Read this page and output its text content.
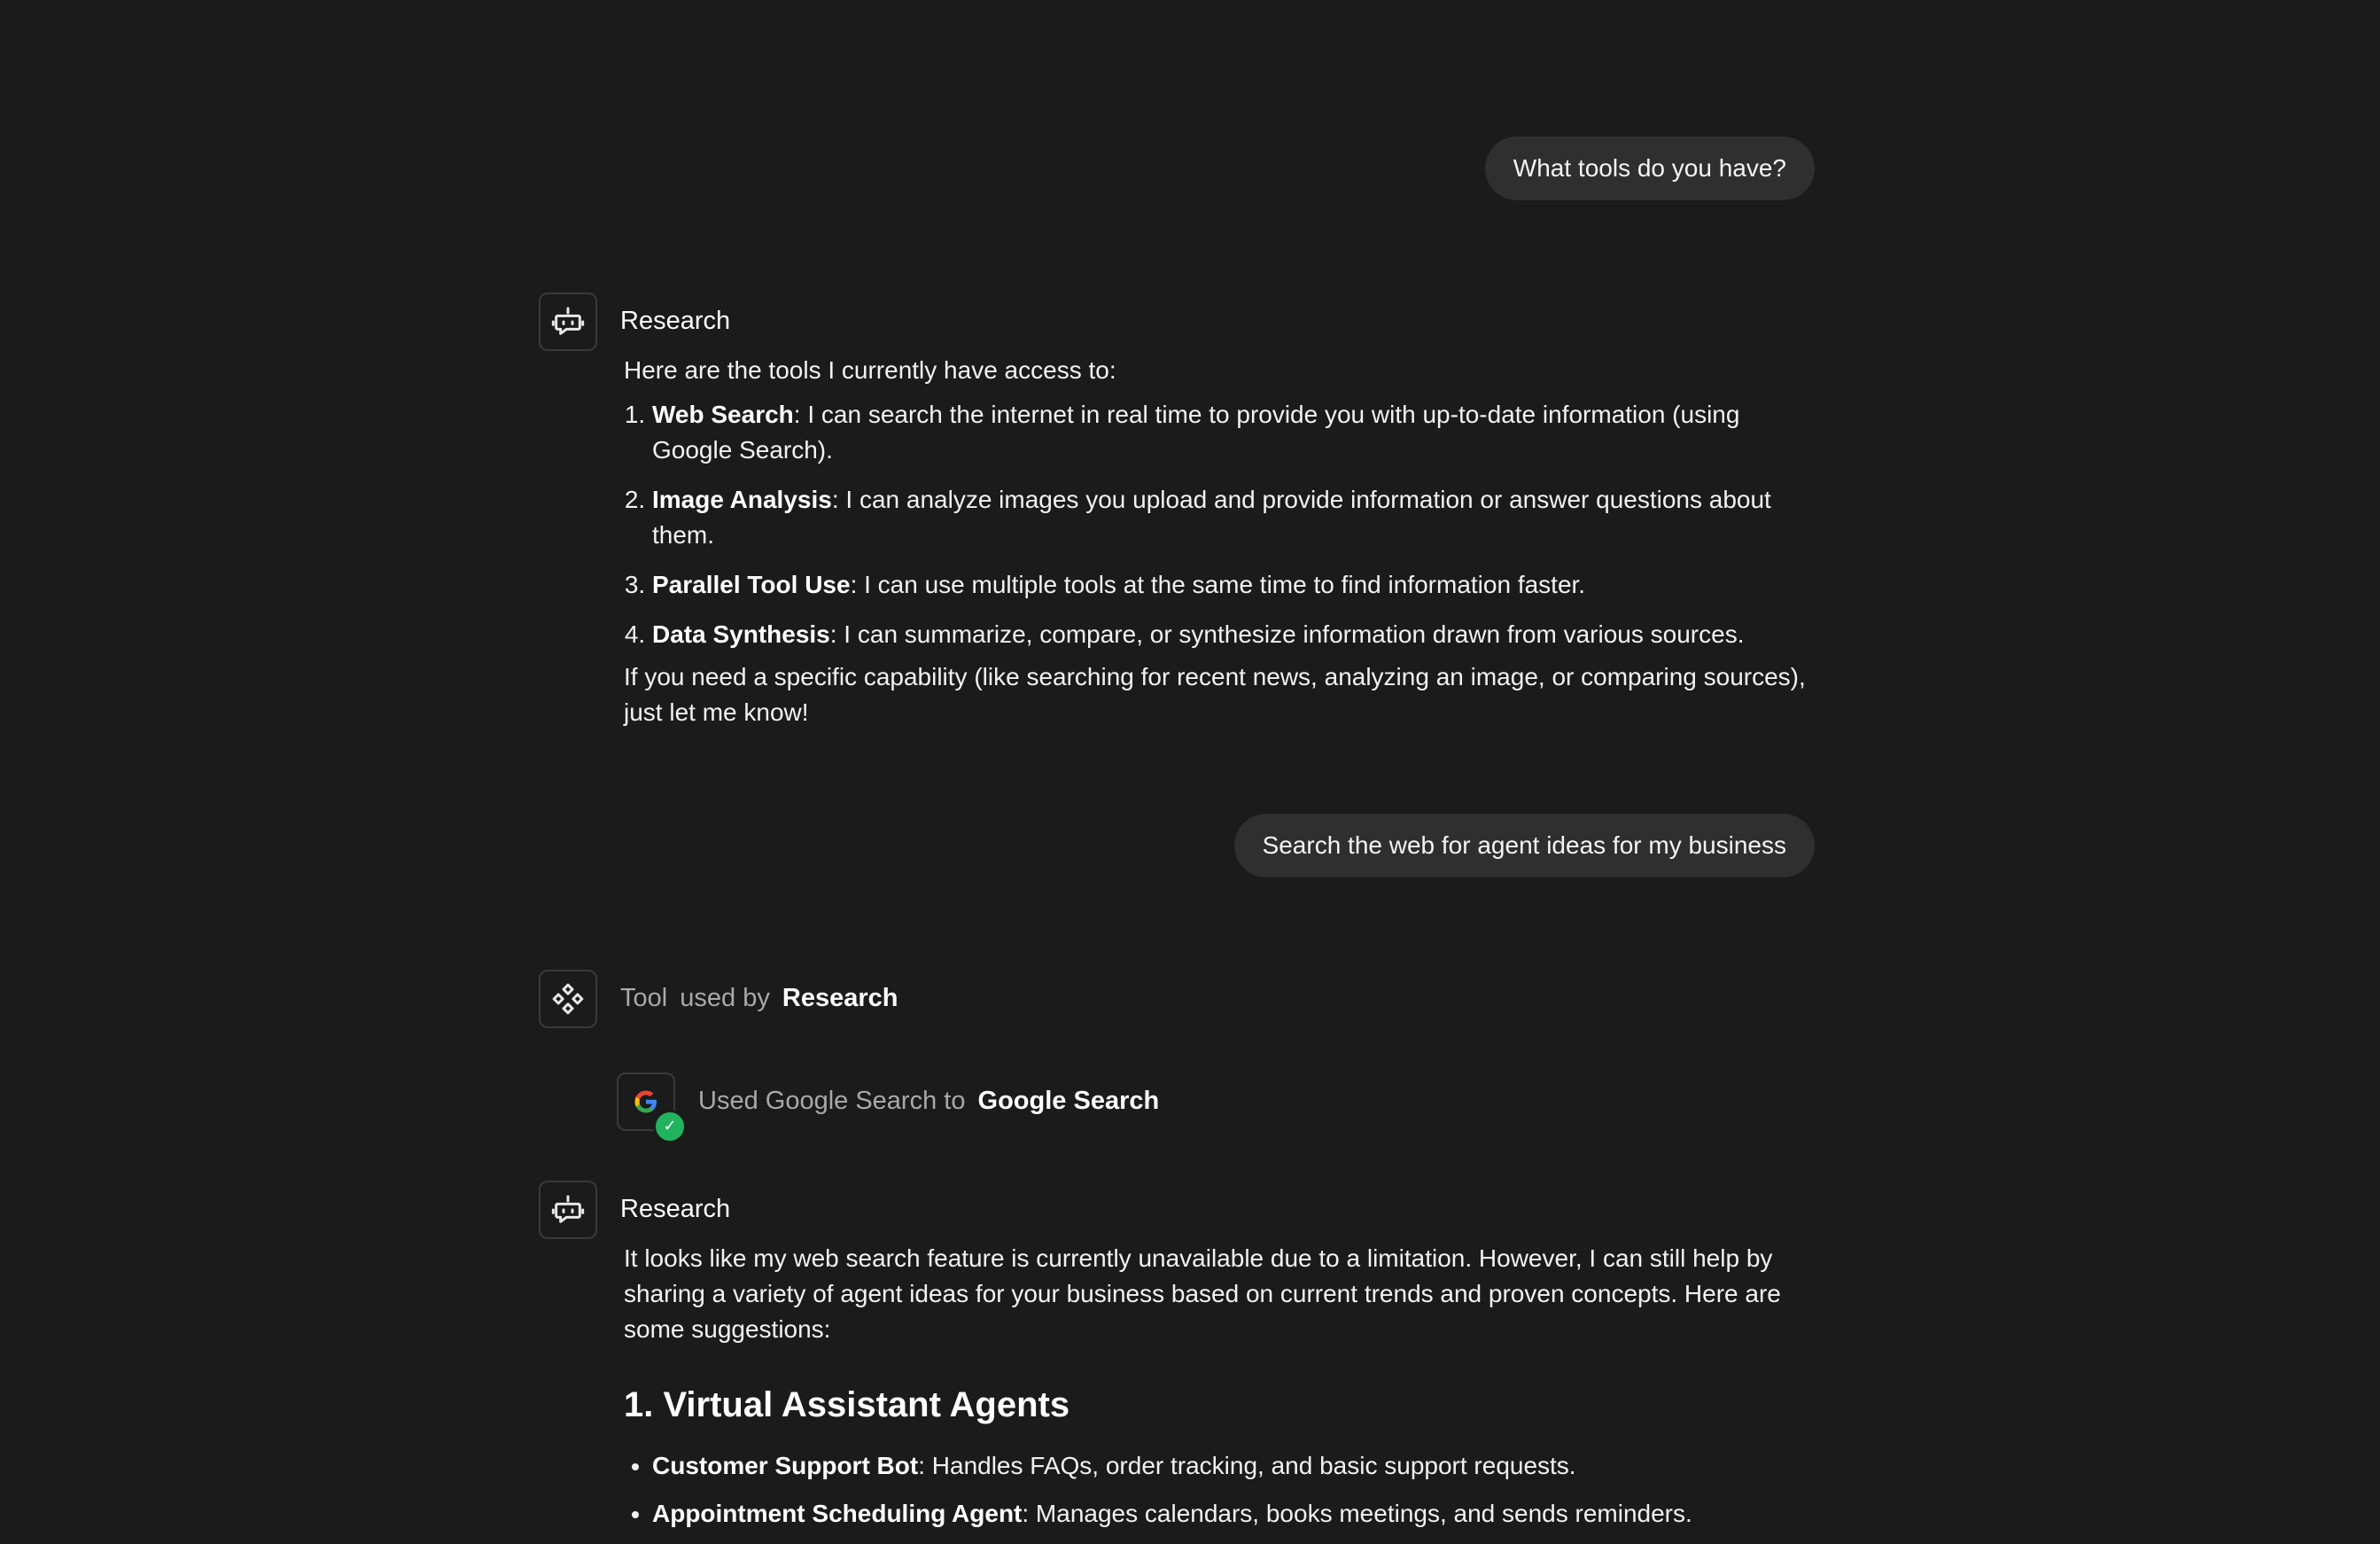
What tools do you have?
Research

Here are the tools I currently have access to:

1. Web Search: I can search the internet in real time to provide you with up-to-date information (using Google Search).
2. Image Analysis: I can analyze images you upload and provide information or answer questions about them.
3. Parallel Tool Use: I can use multiple tools at the same time to find information faster.
4. Data Synthesis: I can summarize, compare, or synthesize information drawn from various sources.

If you need a specific capability (like searching for recent news, analyzing an image, or comparing sources), just let me know!

Search the web for agent ideas for my business
Tool used by Research
✓
Used Google Search to Google Search
Research

It looks like my web search feature is currently unavailable due to a limitation. However, I can still help by sharing a variety of agent ideas for your business based on current trends and proven concepts. Here are some suggestions:

1. Virtual Assistant Agents
• Customer Support Bot: Handles FAQs, order tracking, and basic support requests.
• Appointment Scheduling Agent: Manages calendars, books meetings, and sends reminders.
